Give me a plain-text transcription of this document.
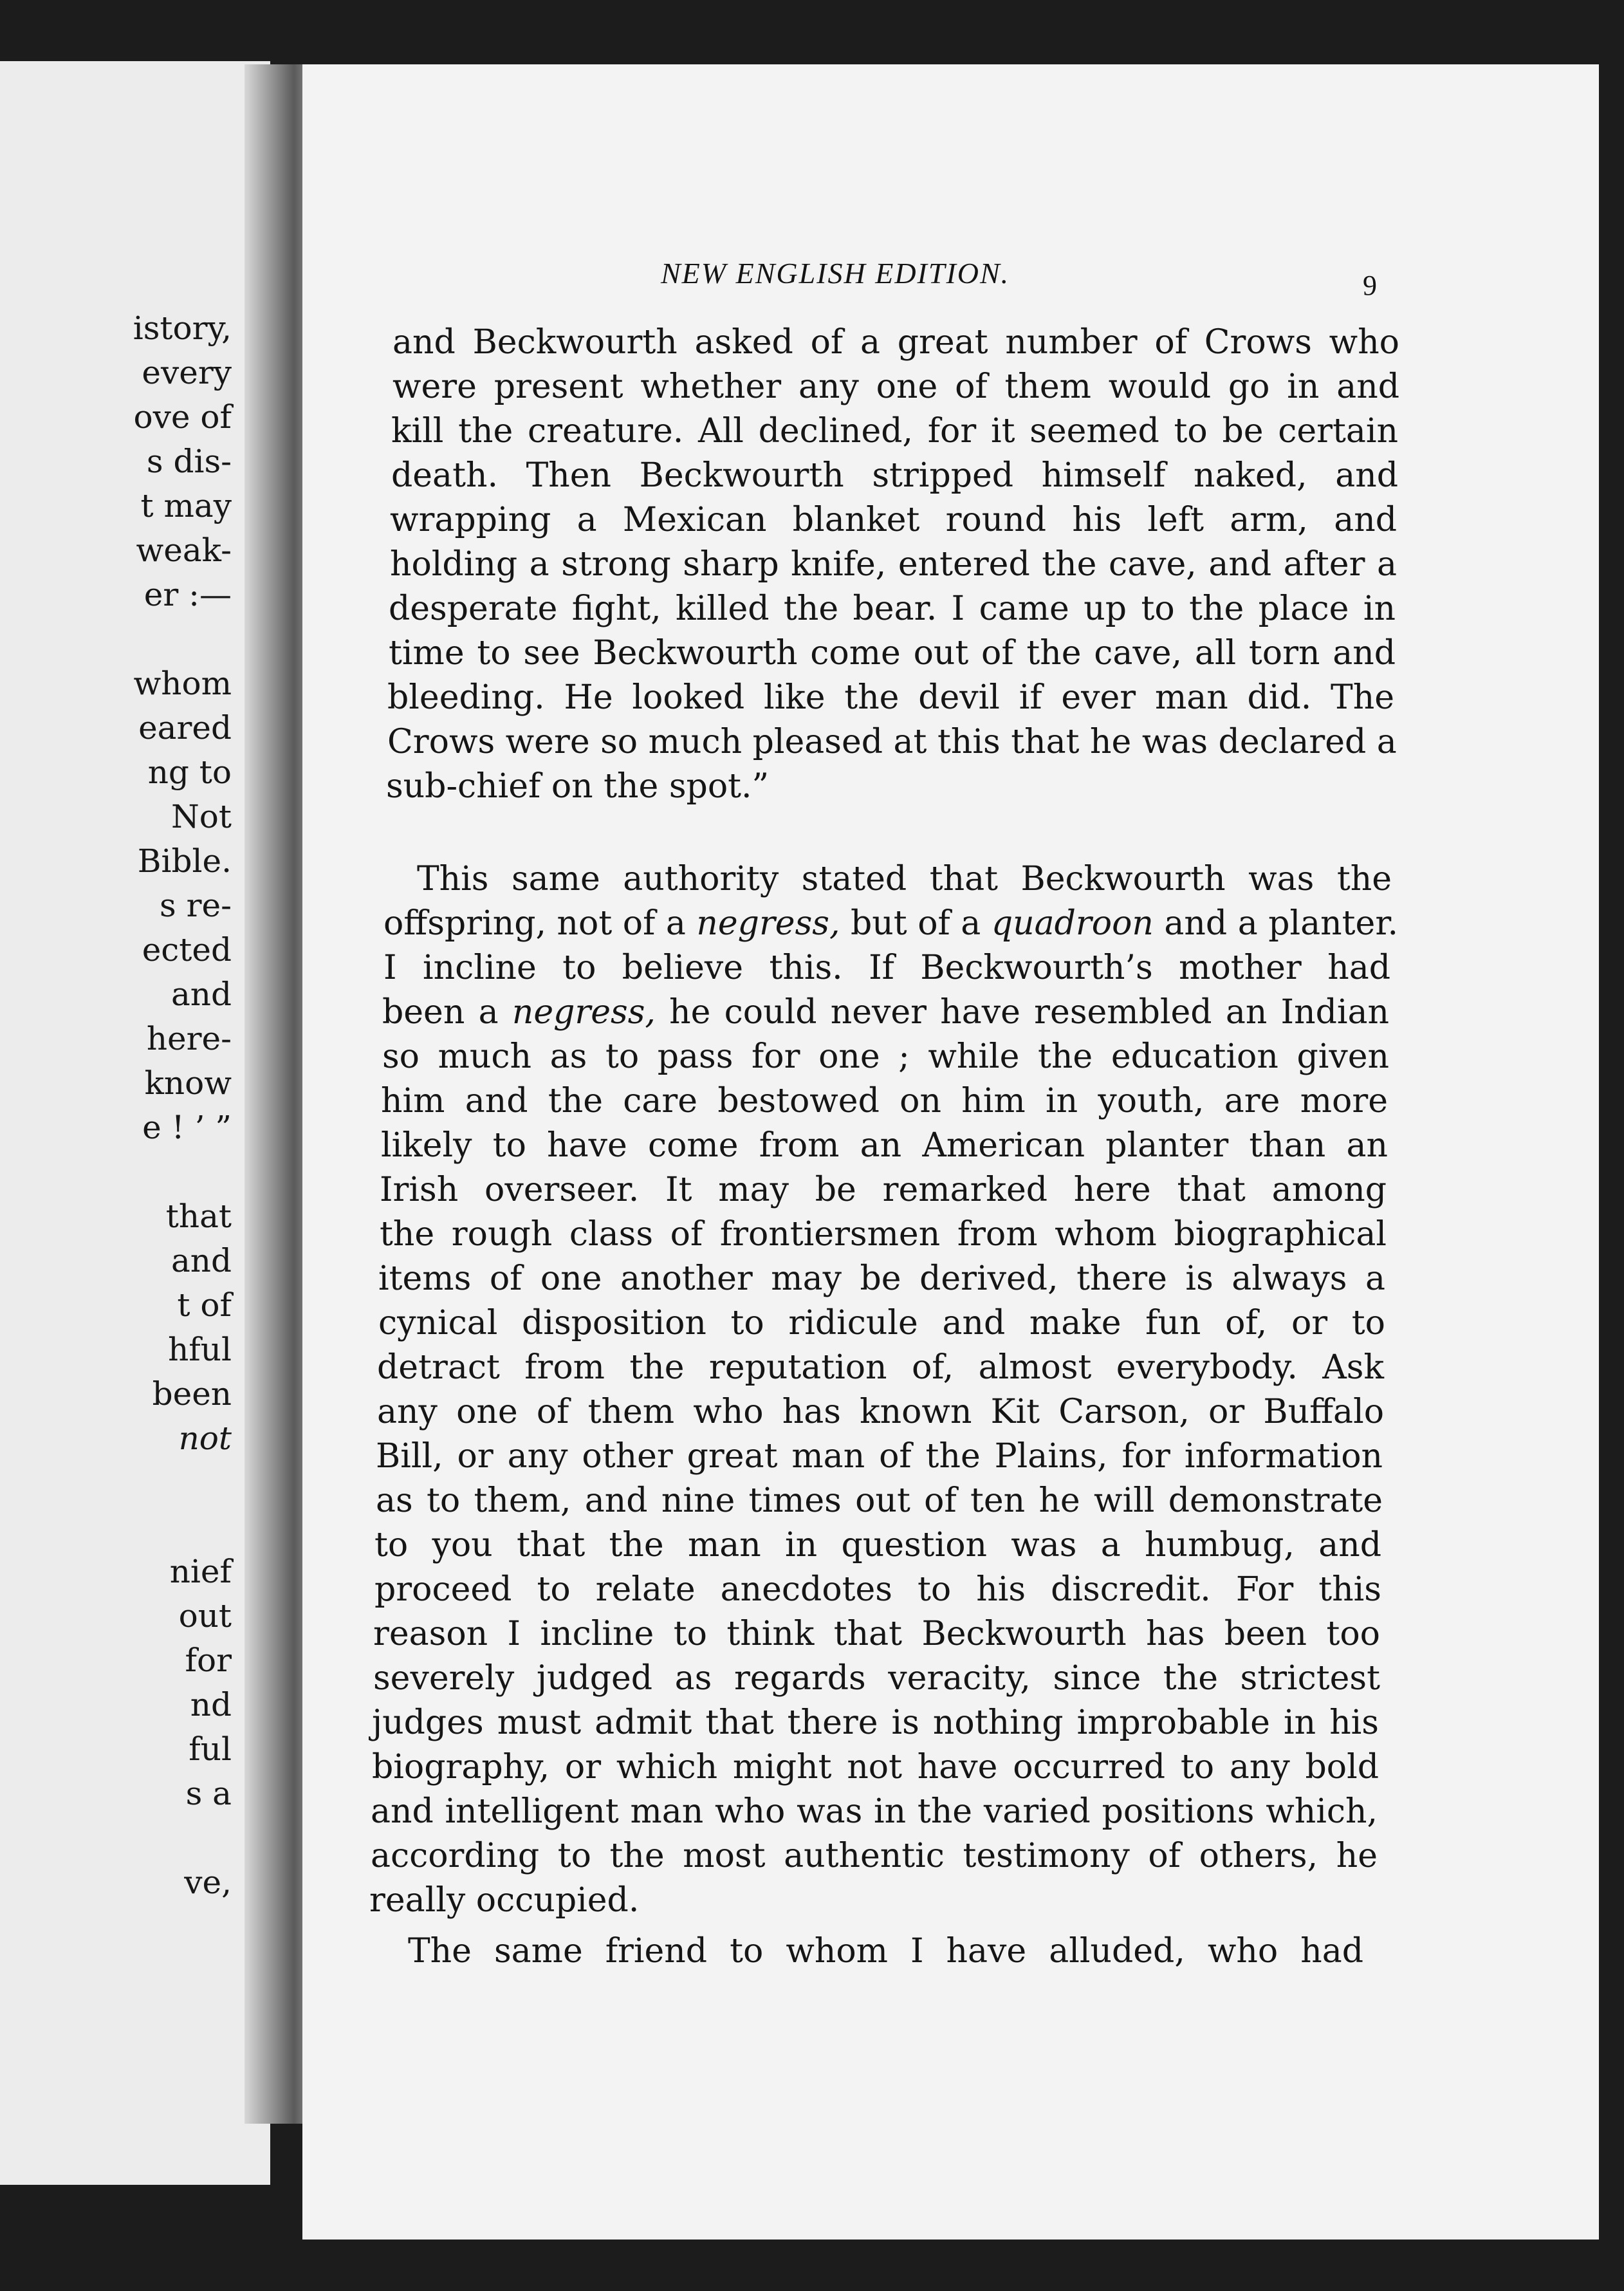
istory,
every
ove of
s dis-
t may
weak-
er :—
whom
eared
ng to
Not
Bible.
s re-
ected
and
here-
know
e ! ’ ”
that
and
t of
hful
been
not
nief
out
for
nd
ful
s a
ve,
NEW ENGLISH EDITION.	9
and Beckwourth asked of a great number of Crows who
were present whether any one of them would go in and
kill the creature. All declined, for it seemed to be certain
death. Then Beckwourth stripped himself naked, and
wrapping a Mexican blanket round his left arm, and
holding a strong sharp knife, entered the cave, and after a
desperate fight, killed the bear. I came up to the place in
time to see Beckwourth come out of the cave, all torn and
bleeding. He looked like the devil if ever man did. The
Crows were so much pleased at this that he was declared a
sub-chief on the spot.”
This same authority stated that Beckwourth was the
offspring, not of a negress, but of a quadroon and a planter.
I incline to believe this. If Beckwourth’s mother had
been a negress, he could never have resembled an Indian
so much as to pass for one ; while the education given
him and the care bestowed on him in youth, are more
likely to have come from an American planter than an
Irish overseer. It may be remarked here that among
the rough class of frontiersmen from whom biographical
items of one another may be derived, there is always a
cynical disposition to ridicule and make fun of, or to
detract from the reputation of, almost everybody. Ask
any one of them who has known Kit Carson, or Buffalo
Bill, or any other great man of the Plains, for information
as to them, and nine times out of ten he will demonstrate
to you that the man in question was a humbug, and
proceed to relate anecdotes to his discredit. For this
reason I incline to think that Beckwourth has been too
severely judged as regards veracity, since the strictest
judges must admit that there is nothing improbable in his
biography, or which might not have occurred to any bold
and intelligent man who was in the varied positions which,
according to the most authentic testimony of others, he
really occupied.
The same friend to whom I have alluded, who had
